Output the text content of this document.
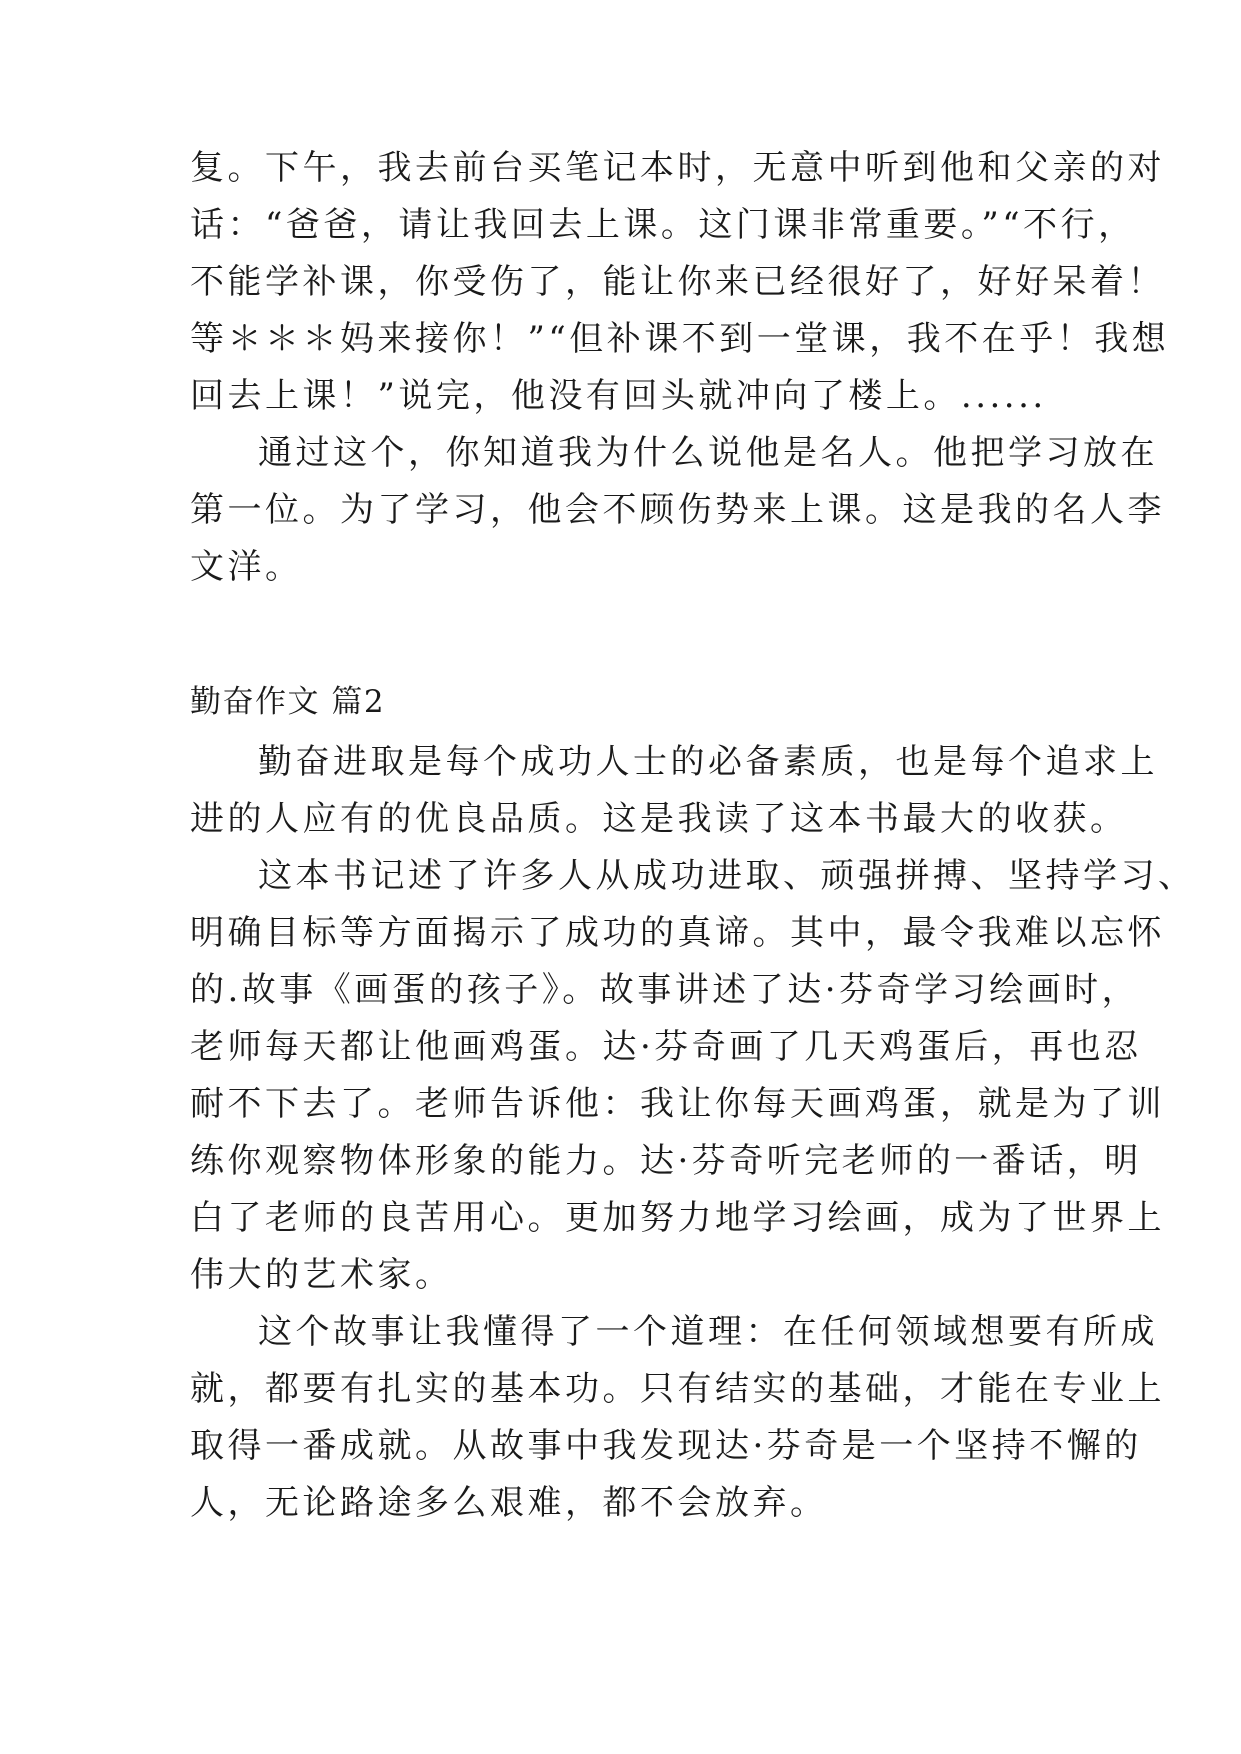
复。下午，我去前台买笔记本时，无意中听到他和父亲的对
话：“爸爸，请让我回去上课。这门课非常重要。”“不行，
不能学补课，你受伤了，能让你来已经很好了，好好呆着！
等＊＊＊妈来接你！”“但补课不到一堂课，我不在乎！我想
回去上课！”说完，他没有回头就冲向了楼上。......
通过这个，你知道我为什么说他是名人。他把学习放在
第一位。为了学习，他会不顾伤势来上课。这是我的名人李
文洋。
勤奋作文 篇2
勤奋进取是每个成功人士的必备素质，也是每个追求上
进的人应有的优良品质。这是我读了这本书最大的收获。
这本书记述了许多人从成功进取、顽强拼搏、坚持学习、
明确目标等方面揭示了成功的真谛。其中，最令我难以忘怀
的.故事《画蛋的孩子》。故事讲述了达·芬奇学习绘画时，
老师每天都让他画鸡蛋。达·芬奇画了几天鸡蛋后，再也忍
耐不下去了。老师告诉他：我让你每天画鸡蛋，就是为了训
练你观察物体形象的能力。达·芬奇听完老师的一番话，明
白了老师的良苦用心。更加努力地学习绘画，成为了世界上
伟大的艺术家。
这个故事让我懂得了一个道理：在任何领域想要有所成
就，都要有扎实的基本功。只有结实的基础，才能在专业上
取得一番成就。从故事中我发现达·芬奇是一个坚持不懈的
人，无论路途多么艰难，都不会放弃。
